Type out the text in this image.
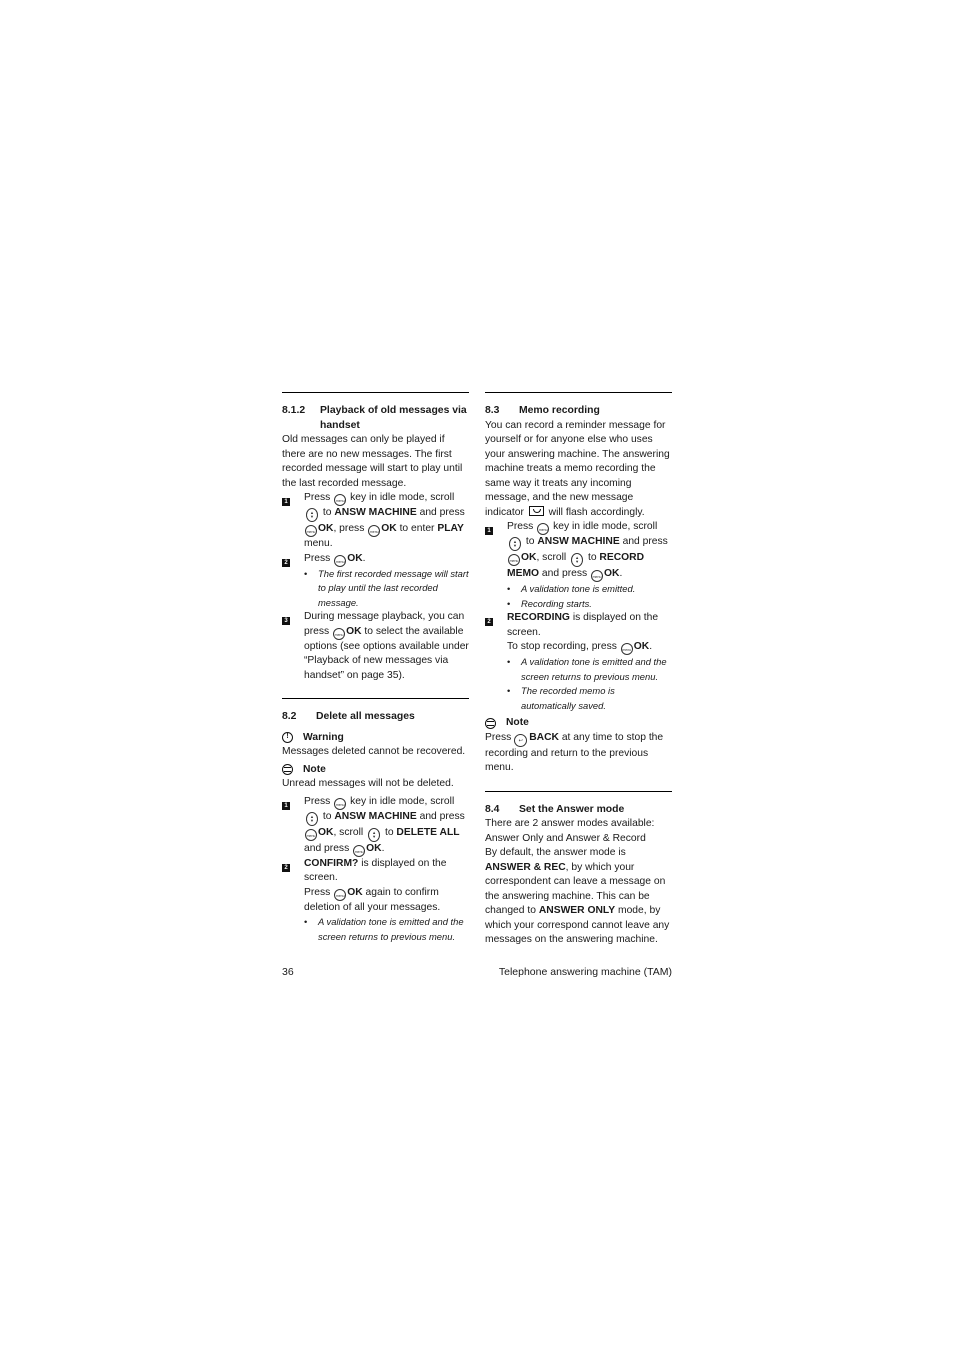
8.1.2	Playback of old messages via handset

Old messages can only be played if there are no new messages. The first recorded message will start to play until the last recorded message.

1	Press menu key in idle mode, scroll ▲
▼ to ANSW MACHINE and press menu OK, press menu OK to enter PLAY menu.
2	Press menu OK.
•	The first recorded message will start to play until the last recorded message.
3	During message playback, you can press menu OK to select the available options (see options available under “Playback of new messages via handset” on page 35).
8.2	Delete all messages
!	Warning

Messages deleted cannot be recovered.

Note

Unread messages will not be deleted.

1	Press menu key in idle mode, scroll ▲
▼ to ANSW MACHINE and press menu OK, scroll ▲
▼ to DELETE ALL and press menu OK.
2	CONFIRM? is displayed on the screen.
Press menu OK again to confirm deletion of all your messages.
•	A validation tone is emitted and the screen returns to previous menu.
8.3	Memo recording

You can record a reminder message for yourself or for anyone else who uses your answering machine. The answering machine treats a memo recording the same way it treats any incoming message, and the new message indicator will flash accordingly.

1	Press menu key in idle mode, scroll ▲
▼ to ANSW MACHINE and press menu OK, scroll ▲
▼ to RECORD MEMO and press menu OK.
•	A validation tone is emitted.
•	Recording starts.
2	RECORDING is displayed on the screen.
To stop recording, press menu OK.
•	A validation tone is emitted and the screen returns to previous menu.
•	The recorded memo is automatically saved.
Note

Press ↩ BACK at any time to stop the recording and return to the previous menu.

8.4	Set the Answer mode

There are 2 answer modes available: Answer Only and Answer & Record

By default, the answer mode is ANSWER & REC, by which your correspondent can leave a message on the answering machine. This can be changed to ANSWER ONLY mode, by which your correspond cannot leave any messages on the answering machine.

36	Telephone answering machine (TAM)
